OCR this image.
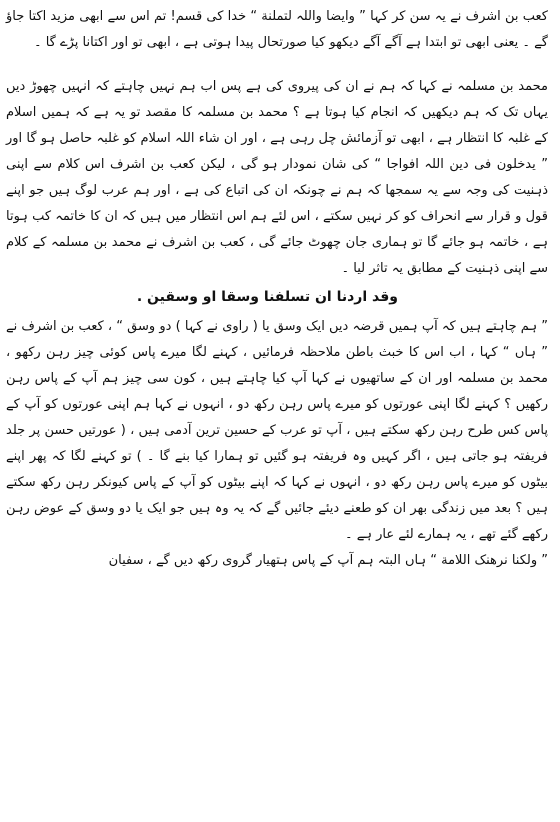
کعب بن اشرف نے یہ سن کر کہا ” وایضا واللہ لتملنة “ خدا کی قسم! تم اس سے ابھی مزید اکتا جاؤ گے ۔ یعنی ابھی تو ابتدا ہے آگے آگے دیکھو کیا صورتحال پیدا ہوتی ہے ، ابھی تو اور اکتانا پڑے گا ۔

محمد بن مسلمہ نے کہا کہ ہم نے ان کی پیروی کی ہے پس اب ہم نہیں چاہتے کہ انہیں چھوڑ دیں یہاں تک کہ ہم دیکھیں کہ انجام کیا ہوتا ہے ؟ محمد بن مسلمہ کا مقصد تو یہ ہے کہ ہمیں اسلام کے غلبہ کا انتظار ہے ، ابھی تو آزمائش چل رہی ہے ، اور ان شاء اللہ اسلام کو غلبہ حاصل ہو گا اور ” یدخلون فی دین اللہ افواجا “ کی شان نمودار ہو گی ، لیکن کعب بن اشرف اس کلام سے اپنی ذہنیت کی وجہ سے یہ سمجھا کہ ہم نے چونکہ ان کی اتباع کی ہے ، اور ہم عرب لوگ ہیں جو اپنے قول و قرار سے انحراف کو کر نہیں سکتے ، اس لئے ہم اس انتظار میں ہیں کہ ان کا خاتمہ کب ہوتا ہے ، خاتمہ ہو جائے گا تو ہماری جان چھوٹ جائے گی ، کعب بن اشرف نے محمد بن مسلمہ کے کلام سے اپنی ذہنیت کے مطابق یہ تاثر لیا ۔

وقد اردنا ان تسلفنا وسقا او وسقین .

” ہم چاہتے ہیں کہ آپ ہمیں قرضہ دیں ایک وسق یا ( راوی نے کہا ) دو وسق “ ، کعب بن اشرف نے ” ہاں “ کہا ، اب اس کا خبث باطن ملاحظہ فرمائیں ، کہنے لگا میرے پاس کوئی چیز رہن رکھو ، محمد بن مسلمہ اور ان کے ساتھیوں نے کہا آپ کیا چاہتے ہیں ، کون سی چیز ہم آپ کے پاس رہن رکھیں ؟ کہنے لگا اپنی عورتوں کو میرے پاس رہن رکھ دو ، انہوں نے کہا ہم اپنی عورتوں کو آپ کے پاس کس طرح رہن رکھ سکتے ہیں ، آپ تو عرب کے حسین ترین آدمی ہیں ، ( عورتیں حسن پر جلد فریفتہ ہو جاتی ہیں ، اگر کہیں وہ فریفتہ ہو گئیں تو ہمارا کیا بنے گا ۔ ) تو کہنے لگا کہ پھر اپنے بیٹوں کو میرے پاس رہن رکھ دو ، انہوں نے کہا کہ اپنے بیٹوں کو آپ کے پاس کیونکر رہن رکھ سکتے ہیں ؟ بعد میں زندگی بھر ان کو طعنے دیئے جائیں گے کہ یہ وہ ہیں جو ایک یا دو وسق کے عوض رہن رکھے گئے تھے ، یہ ہمارے لئے عار ہے ۔

” ولکنا نرھنک اللامة “ ہاں البتہ ہم آپ کے پاس ہتھیار گروی رکھ دیں گے ، سفیان
